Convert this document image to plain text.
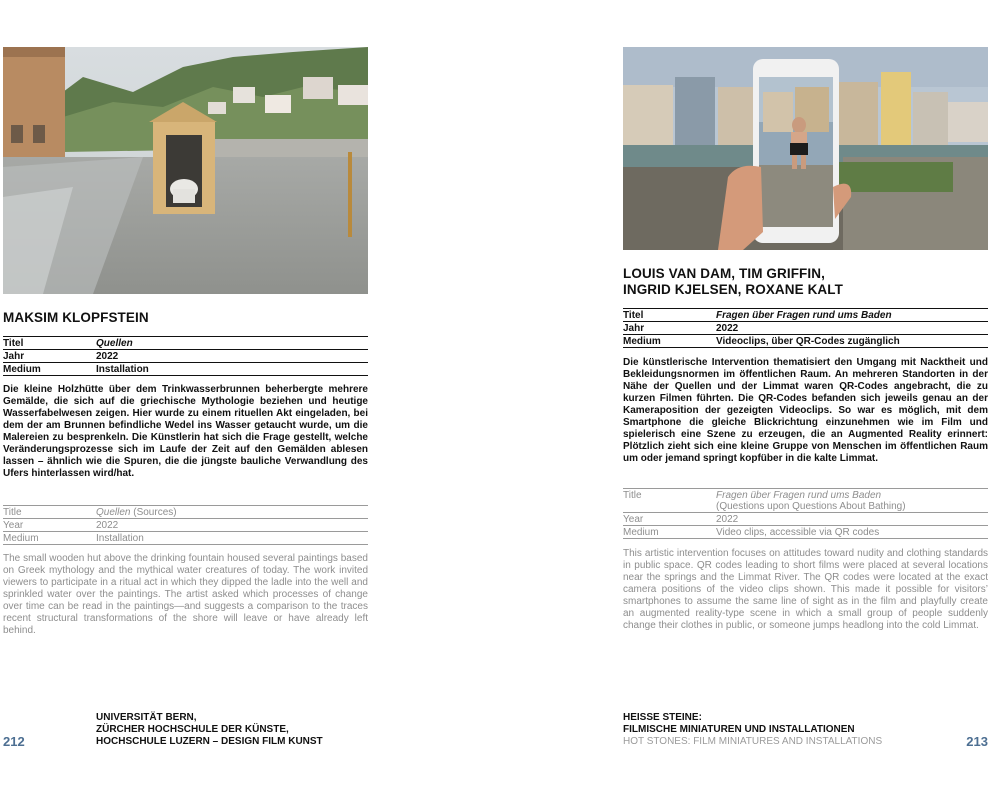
MAKSIM KLOPFSTEIN
Titel	Quellen
Jahr	2022
Medium	Installation
Die kleine Holzhütte über dem Trinkwasserbrunnen beherbergte mehrere Gemälde, die sich auf die griechische Mythologie beziehen und heutige Wasserfabelwesen zeigen. Hier wurde zu einem rituellen Akt eingeladen, bei dem der am Brunnen befindliche Wedel ins Wasser getaucht wurde, um die Malereien zu besprenkeln. Die Künstlerin hat sich die Frage gestellt, welche Veränderungsprozesse sich im Laufe der Zeit auf den Gemälden ablesen lassen – ähnlich wie die Spuren, die die jüngste bauliche Verwandlung des Ufers hinterlassen wird/hat.
Title	Quellen (Sources)
Year	2022
Medium	Installation
The small wooden hut above the drinking fountain housed several paintings based on Greek mythology and the mythical water creatures of today. The work invited viewers to participate in a ritual act in which they dipped the ladle into the well and sprinkled water over the paintings. The artist asked which processes of change over time can be read in the paintings—and suggests a comparison to the traces recent structural transformations of the shore will leave or have already left behind.
212
UNIVERSITÄT BERN,
ZÜRCHER HOCHSCHULE DER KÜNSTE,
HOCHSCHULE LUZERN – DESIGN FILM KUNST
LOUIS VAN DAM, TIM GRIFFIN,
INGRID KJELSEN, ROXANE KALT
Titel	Fragen über Fragen rund ums Baden
Jahr	2022
Medium	Videoclips, über QR-Codes zugänglich
Die künstlerische Intervention thematisiert den Umgang mit Nacktheit und Bekleidungsnormen im öffentlichen Raum. An mehreren Standorten in der Nähe der Quellen und der Limmat waren QR-Codes angebracht, die zu kurzen Filmen führten. Die QR-Codes befanden sich jeweils genau an der Kameraposition der gezeigten Videoclips. So war es möglich, mit dem Smartphone die gleiche Blickrichtung einzunehmen wie im Film und spielerisch eine Szene zu erzeugen, die an Augmented Reality erinnert: Plötzlich zieht sich eine kleine Gruppe von Menschen im öffentlichen Raum um oder jemand springt kopfüber in die kalte Limmat.
Title	Fragen über Fragen rund ums Baden
(Questions upon Questions About Bathing)
Year	2022
Medium	Video clips, accessible via QR codes
This artistic intervention focuses on attitudes toward nudity and clothing standards in public space. QR codes leading to short films were placed at several locations near the springs and the Limmat River. The QR codes were located at the exact camera positions of the video clips shown. This made it possible for visitors’ smartphones to assume the same line of sight as in the film and playfully create an augmented reality-type scene in which a small group of people suddenly change their clothes in public, or someone jumps headlong into the cold Limmat.
HEISSE STEINE:
FILMISCHE MINIATUREN UND INSTALLATIONEN
HOT STONES: FILM MINIATURES AND INSTALLATIONS	213
